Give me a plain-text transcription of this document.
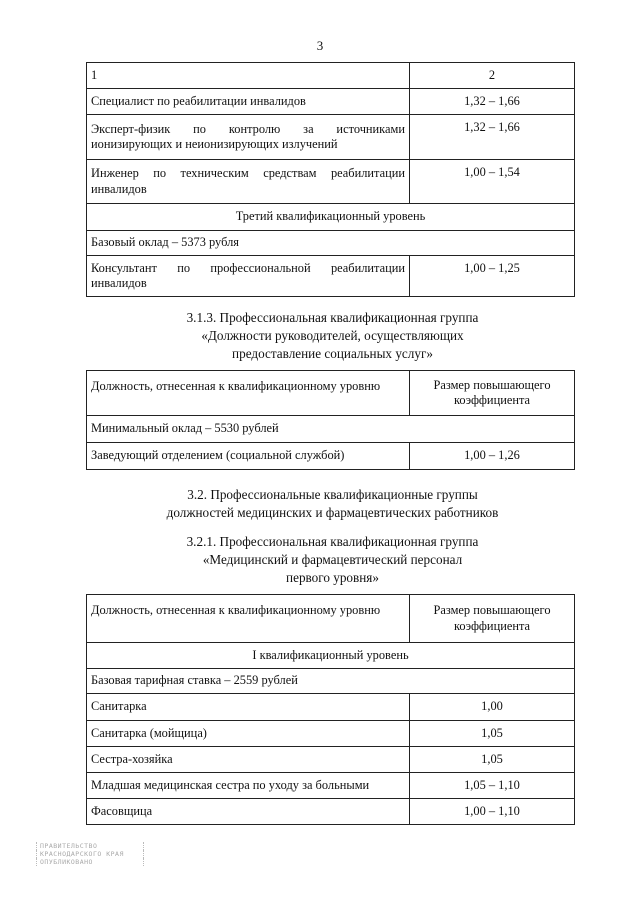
3
1	2
Специалист по реабилитации инвалидов	1,32 – 1,66
Эксперт-физик по контролю за источниками ионизирующих и неионизирующих излучений	1,32 – 1,66
Инженер по техническим средствам реабилитации инвалидов	1,00 – 1,54
Третий квалификационный уровень	
Базовый оклад – 5373 рубля	
Консультант по профессиональной реабилитации инвалидов	1,00 – 1,25
3.1.3. Профессиональная квалификационная группа
«Должности руководителей, осуществляющих
предоставление социальных услуг»
Должность, отнесенная к квалификационному уровню	Размер повышающего коэффициента
Минимальный оклад – 5530 рублей	
Заведующий отделением (социальной службой)	1,00 – 1,26
3.2. Профессиональные квалификационные группы
должностей медицинских и фармацевтических работников
3.2.1. Профессиональная квалификационная группа
«Медицинский и фармацевтический персонал
первого уровня»
Должность, отнесенная к квалификационному уровню	Размер повышающего коэффициента
I квалификационный уровень	
Базовая тарифная ставка – 2559 рублей	
Санитарка	1,00
Санитарка (мойщица)	1,05
Сестра-хозяйка	1,05
Младшая медицинская сестра по уходу за больными	1,05 – 1,10
Фасовщица	1,00 – 1,10
ПРАВИТЕЛЬСТВО
КРАСНОДАРСКОГО КРАЯ
ОПУБЛИКОВАНО
